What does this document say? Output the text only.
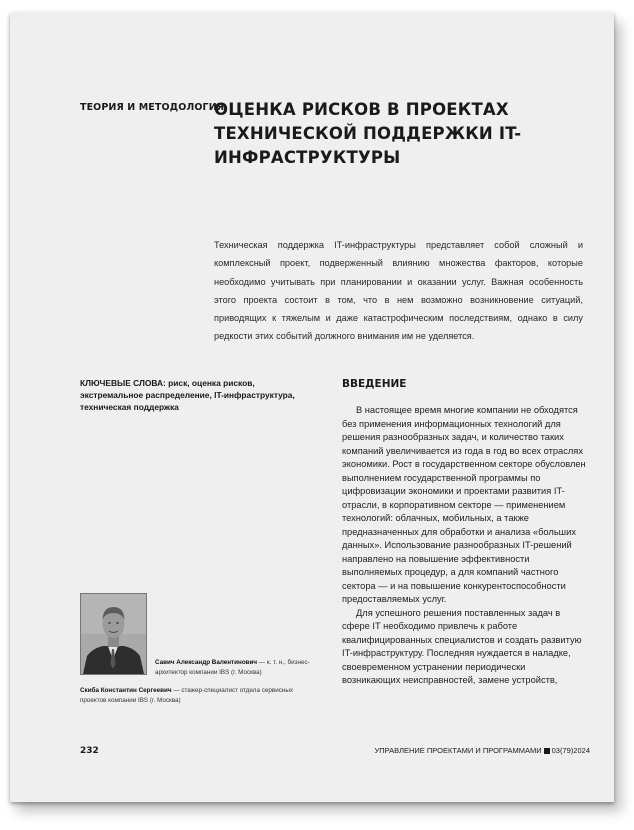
ТЕОРИЯ И МЕТОДОЛОГИЯ
ОЦЕНКА РИСКОВ В ПРОЕКТАХ ТЕХНИЧЕСКОЙ ПОДДЕРЖКИ IT-ИНФРАСТРУКТУРЫ
Техническая поддержка IT-инфраструктуры представляет собой сложный и комплексный проект, подверженный влиянию множества факторов, которые необходимо учитывать при планировании и оказании услуг. Важная особенность этого проекта состоит в том, что в нем возможно возникновение ситуаций, приводящих к тяжелым и даже катастрофическим последствиям, однако в силу редкости этих событий должного внимания им не уделяется.
КЛЮЧЕВЫЕ СЛОВА: риск, оценка рисков, экстремальное распределение, IT-инфраструктура, техническая поддержка
ВВЕДЕНИЕ

В настоящее время многие компании не обходятся без применения информационных технологий для решения разнообразных задач, и количество таких компаний увеличивается из года в год во всех отраслях экономики. Рост в государственном секторе обусловлен выполнением государственной программы по цифровизации экономики и проектами развития IT-отрасли, в корпоративном секторе — применением технологий: облачных, мобильных, а также предназначенных для обработки и анализа «больших данных». Использование разнообразных IT-решений направлено на повышение эффективности выполняемых процедур, а для компаний частного сектора — и на повышение конкурентоспособности предоставляемых услуг.

Для успешного решения поставленных задач в сфере IT необходимо привлечь к работе квалифицированных специалистов и создать развитую IT-инфраструктуру. Последняя нуждается в наладке, своевременном устранении периодически возникающих неисправностей, замене устройств,

Савич Александр Валентинович — к. т. н., бизнес-архитектор компании IBS (г. Москва)
Скиба Константин Сергеевич — стажер-специалист отдела сервисных проектов компании IBS (г. Москва)
232	УПРАВЛЕНИЕ ПРОЕКТАМИ И ПРОГРАММАМИ 03(79)2024
